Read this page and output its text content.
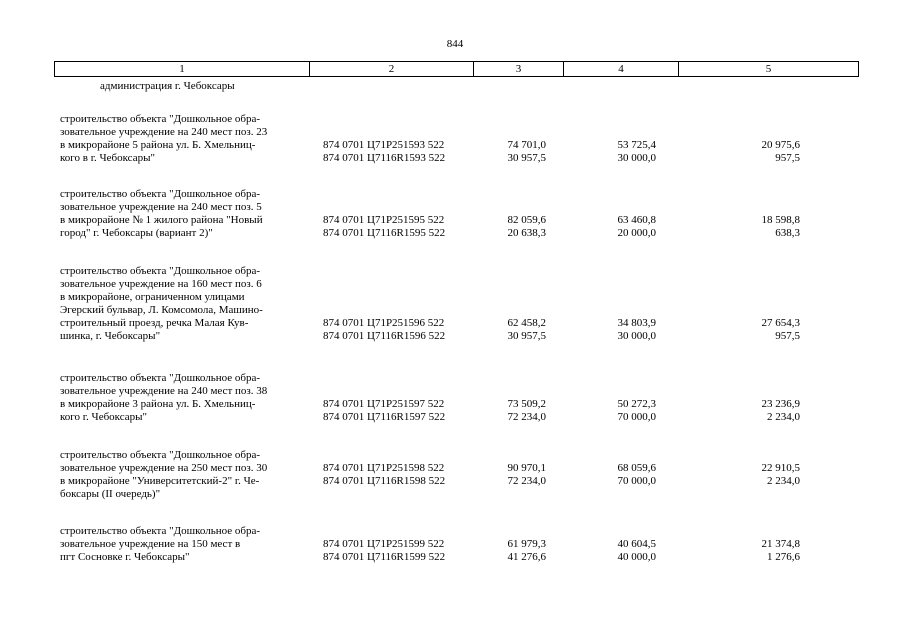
844
1	2	3	4	5
администрация г. Чебоксары
строительство объекта "Дошкольное обра-
зовательное учреждение на 240 мест поз. 23
в микрорайоне 5 района ул. Б. Хмельниц-
кого в г. Чебоксары"
874 0701 Ц71Р251593 522	74 701,0	53 725,4	20 975,6
874 0701 Ц7116R1593 522	30 957,5	30 000,0	957,5
строительство объекта "Дошкольное обра-
зовательное учреждение на 240 мест поз. 5
в микрорайоне № 1 жилого района "Новый
город" г. Чебоксары (вариант 2)"
874 0701 Ц71Р251595 522	82 059,6	63 460,8	18 598,8
874 0701 Ц7116R1595 522	20 638,3	20 000,0	638,3
строительство объекта "Дошкольное обра-
зовательное учреждение на 160 мест поз. 6
в микрорайоне, ограниченном улицами
Эгерский бульвар, Л. Комсомола, Машино-
строительный проезд, речка Малая Кув-
шинка, г. Чебоксары"
874 0701 Ц71Р251596 522	62 458,2	34 803,9	27 654,3
874 0701 Ц7116R1596 522	30 957,5	30 000,0	957,5
строительство объекта "Дошкольное обра-
зовательное учреждение на 240 мест поз. 38
в микрорайоне 3 района ул. Б. Хмельниц-
кого г. Чебоксары"
874 0701 Ц71Р251597 522	73 509,2	50 272,3	23 236,9
874 0701 Ц7116R1597 522	72 234,0	70 000,0	2 234,0
строительство объекта "Дошкольное обра-
зовательное учреждение на 250 мест поз. 30
в микрорайоне "Университетский-2" г. Че-
боксары (II очередь)"
874 0701 Ц71Р251598 522	90 970,1	68 059,6	22 910,5
874 0701 Ц7116R1598 522	72 234,0	70 000,0	2 234,0
строительство объекта "Дошкольное обра-
зовательное учреждение на 150 мест в
пгт Сосновке г. Чебоксары"
874 0701 Ц71Р251599 522	61 979,3	40 604,5	21 374,8
874 0701 Ц7116R1599 522	41 276,6	40 000,0	1 276,6
